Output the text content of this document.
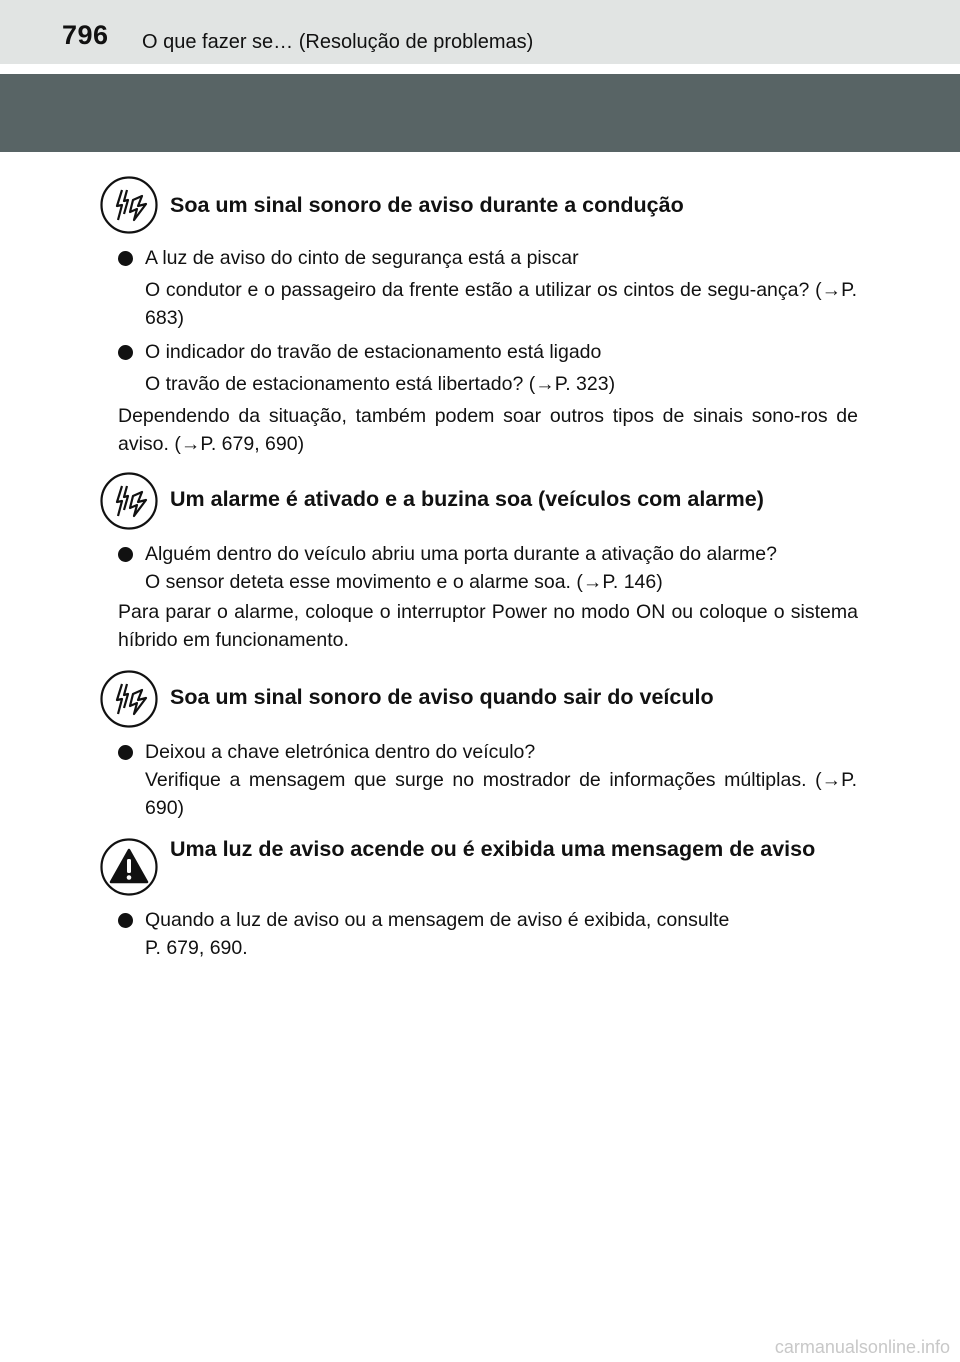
796 O que fazer se… (Resolução de problemas)
Soa um sinal sonoro de aviso durante a condução
A luz de aviso do cinto de segurança está a piscar
O condutor e o passageiro da frente estão a utilizar os cintos de segu-ança? (→P. 683)
O indicador do travão de estacionamento está ligado
O travão de estacionamento está libertado? (→P. 323)
Dependendo da situação, também podem soar outros tipos de sinais sono-ros de aviso. (→P. 679, 690)
Um alarme é ativado e a buzina soa (veículos com alarme)
Alguém dentro do veículo abriu uma porta durante a ativação do alarme?
O sensor deteta esse movimento e o alarme soa. (→P. 146)
Para parar o alarme, coloque o interruptor Power no modo ON ou coloque o sistema híbrido em funcionamento.
Soa um sinal sonoro de aviso quando sair do veículo
Deixou a chave eletrónica dentro do veículo?
Verifique a mensagem que surge no mostrador de informações múltiplas. (→P. 690)
Uma luz de aviso acende ou é exibida uma mensagem de aviso
Quando a luz de aviso ou a mensagem de aviso é exibida, consulte
P. 679, 690.
carmanualsonline.info
